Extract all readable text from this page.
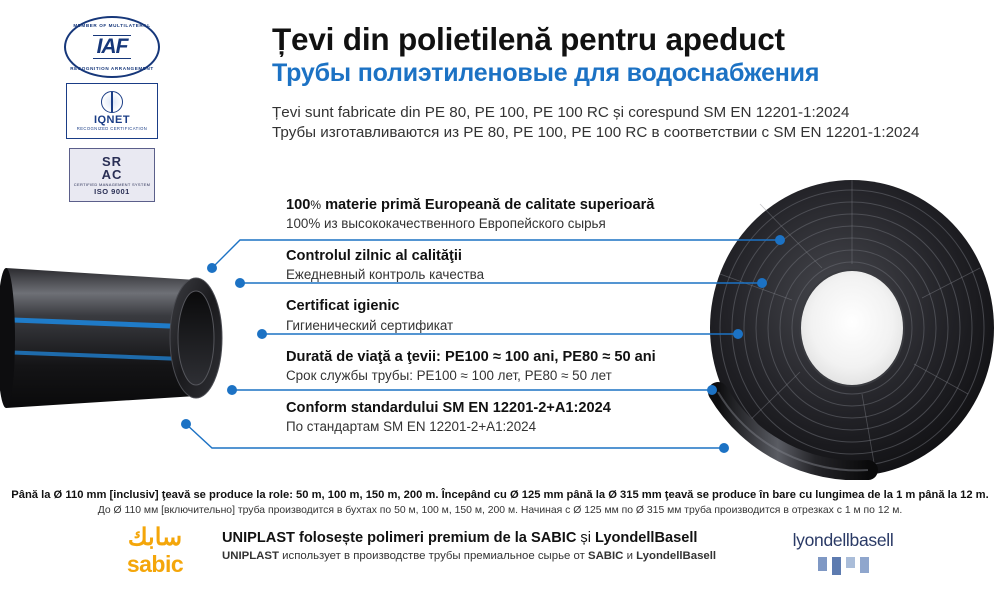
MEMBER OF MULTILATERAL
IAF
RECOGNITION ARRANGEMENT
IQNET
RECOGNIZED CERTIFICATION
SR
AC
CERTIFIED MANAGEMENT SYSTEM
ISO 9001
Țevi din polietilenă pentru apeduct
Трубы полиэтиленовые для водоснабжения
Țevi sunt fabricate din PE 80, PE 100, PE 100 RC și corespund SM EN 12201-1:2024
Трубы изготавливаются из PE 80, PE 100, PE 100 RC в соответствии с SM EN 12201-1:2024
100% materie primă Europeană de calitate superioară
100% из высококачественного Европейского сырья
Controlul zilnic al calităţii
Ежедневный контроль качества
Certificat igienic
Гигиенический сертификат
Durată de viaţă a ţevii: PE100 ≈ 100 ani, PE80 ≈ 50 ani
Срок службы трубы: PE100 ≈ 100 лет, PE80 ≈ 50 лет
Conform standardului SM EN 12201-2+A1:2024
По стандартам SM EN 12201-2+A1:2024
Până la Ø 110 mm [inclusiv] ţeavă se produce la role: 50 m, 100 m, 150 m, 200 m. Începând cu Ø 125 mm până la Ø 315 mm ţeavă se produce în bare cu lungimea de la 1 m până la 12 m.
До Ø 110 мм [включительно] труба производится в бухтах по 50 м, 100 м, 150 м, 200 м. Начиная с Ø 125 мм по Ø 315 мм труба производится в отрезках с 1 м по 12 м.
سابك
sabic
UNIPLAST folosește polimeri premium de la SABIC și LyondellBasell
UNIPLAST использует в производстве трубы премиальное сырье от SABIC и LyondellBasell
lyondellbasell
